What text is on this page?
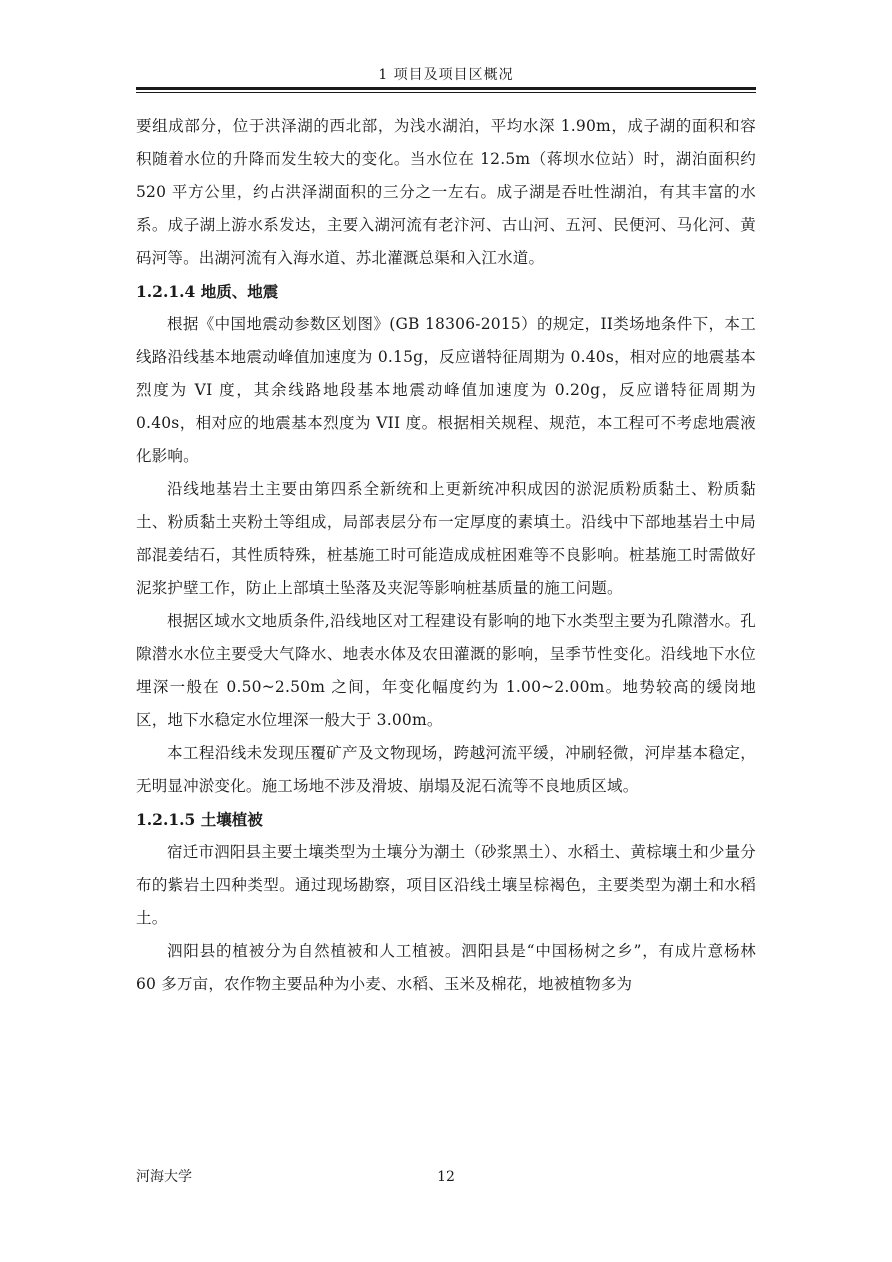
1 项目及项目区概况

要组成部分，位于洪泽湖的西北部，为浅水湖泊，平均水深 1.90m，成子湖的面积和容积随着水位的升降而发生较大的变化。当水位在 12.5m（蒋坝水位站）时，湖泊面积约 520 平方公里，约占洪泽湖面积的三分之一左右。成子湖是吞吐性湖泊，有其丰富的水系。成子湖上游水系发达，主要入湖河流有老汴河、古山河、五河、民便河、马化河、黄码河等。出湖河流有入海水道、苏北灌溉总渠和入江水道。

1.2.1.4 地质、地震

根据《中国地震动参数区划图》(GB 18306-2015）的规定，II类场地条件下，本工线路沿线基本地震动峰值加速度为 0.15g，反应谱特征周期为 0.40s，相对应的地震基本烈度为 VI 度，其余线路地段基本地震动峰值加速度为 0.20g，反应谱特征周期为 0.40s，相对应的地震基本烈度为 VII 度。根据相关规程、规范，本工程可不考虑地震液化影响。

沿线地基岩土主要由第四系全新统和上更新统冲积成因的淤泥质粉质黏土、粉质黏土、粉质黏土夹粉土等组成，局部表层分布一定厚度的素填土。沿线中下部地基岩土中局部混姜结石，其性质特殊，桩基施工时可能造成成桩困难等不良影响。桩基施工时需做好泥浆护壁工作，防止上部填土坠落及夹泥等影响桩基质量的施工问题。

根据区域水文地质条件,沿线地区对工程建设有影响的地下水类型主要为孔隙潜水。孔隙潜水水位主要受大气降水、地表水体及农田灌溉的影响，呈季节性变化。沿线地下水位埋深一般在 0.50~2.50m 之间，年变化幅度约为 1.00~2.00m。地势较高的缓岗地区，地下水稳定水位埋深一般大于 3.00m。

本工程沿线未发现压覆矿产及文物现场，跨越河流平缓，冲刷轻微，河岸基本稳定，无明显冲淤变化。施工场地不涉及滑坡、崩塌及泥石流等不良地质区域。

1.2.1.5 土壤植被

宿迁市泗阳县主要土壤类型为土壤分为潮土（砂浆黑土）、水稻土、黄棕壤土和少量分布的紫岩土四种类型。通过现场勘察，项目区沿线土壤呈棕褐色，主要类型为潮土和水稻土。

泗阳县的植被分为自然植被和人工植被。泗阳县是“中国杨树之乡”，有成片意杨林 60 多万亩，农作物主要品种为小麦、水稻、玉米及棉花，地被植物多为

河海大学	12
